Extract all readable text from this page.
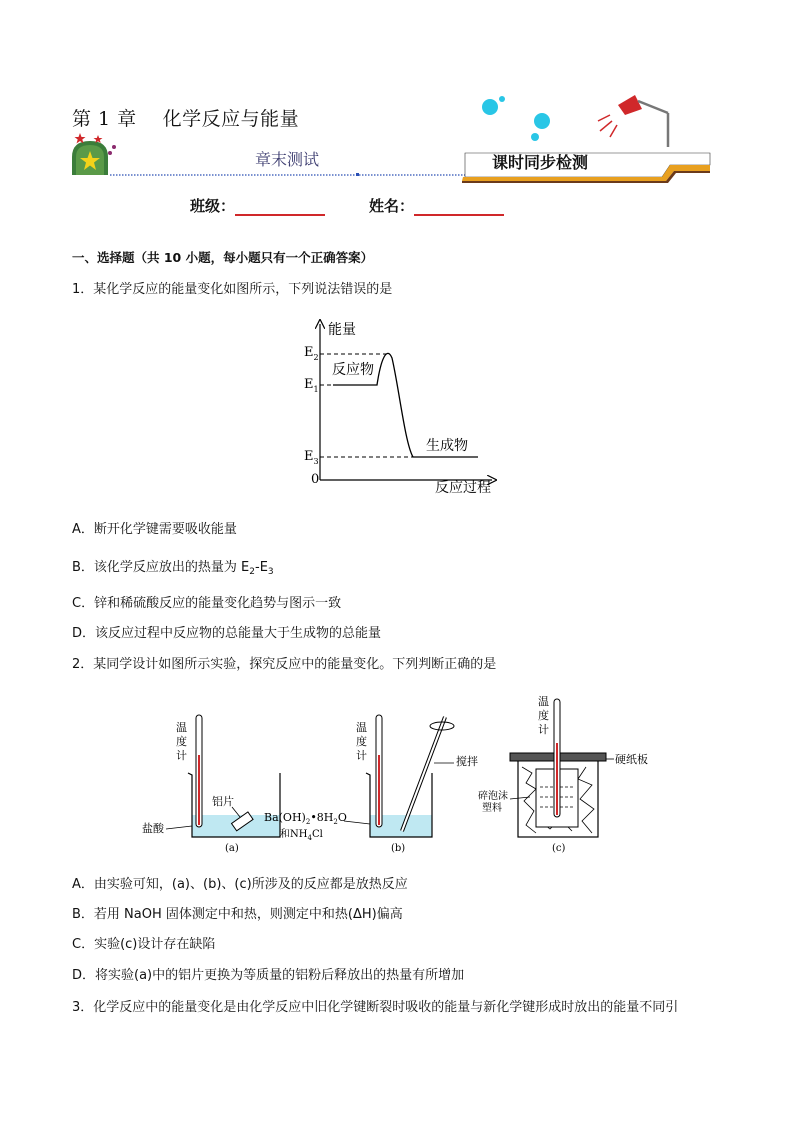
第 1 章 化学反应与能量
章末测试	课时同步检测
班级：	姓名：
一、选择题（共 10 小题，每小题只有一个正确答案）
1．某化学反应的能量变化如图所示，下列说法错误的是
能量
反应过程
0
$E_2$
$E_1$
$E_3$
反应物
生成物
A．断开化学键需要吸收能量
B．该化学反应放出的热量为 $E_2-E_3$
C．锌和稀硫酸反应的能量变化趋势与图示一致
D．该反应过程中反应物的总能量大于生成物的总能量
2．某同学设计如图所示实验，探究反应中的能量变化。下列判断正确的是
温
度
计
铝片
盐酸
(a)
温
度
计	搅拌
$Ba(OH)_2•8H_2O$
和$NH_4Cl$
(b)
温
度
计
硬纸板
碎泡沫
塑料
(c)
A．由实验可知，(a)、(b)、(c)所涉及的反应都是放热反应
B．若用 NaOH 固体测定中和热，则测定中和热(ΔH)偏高
C．实验(c)设计存在缺陷
D．将实验(a)中的铝片更换为等质量的铝粉后释放出的热量有所增加
3．化学反应中的能量变化是由化学反应中旧化学键断裂时吸收的能量与新化学键形成时放出的能量不同引
